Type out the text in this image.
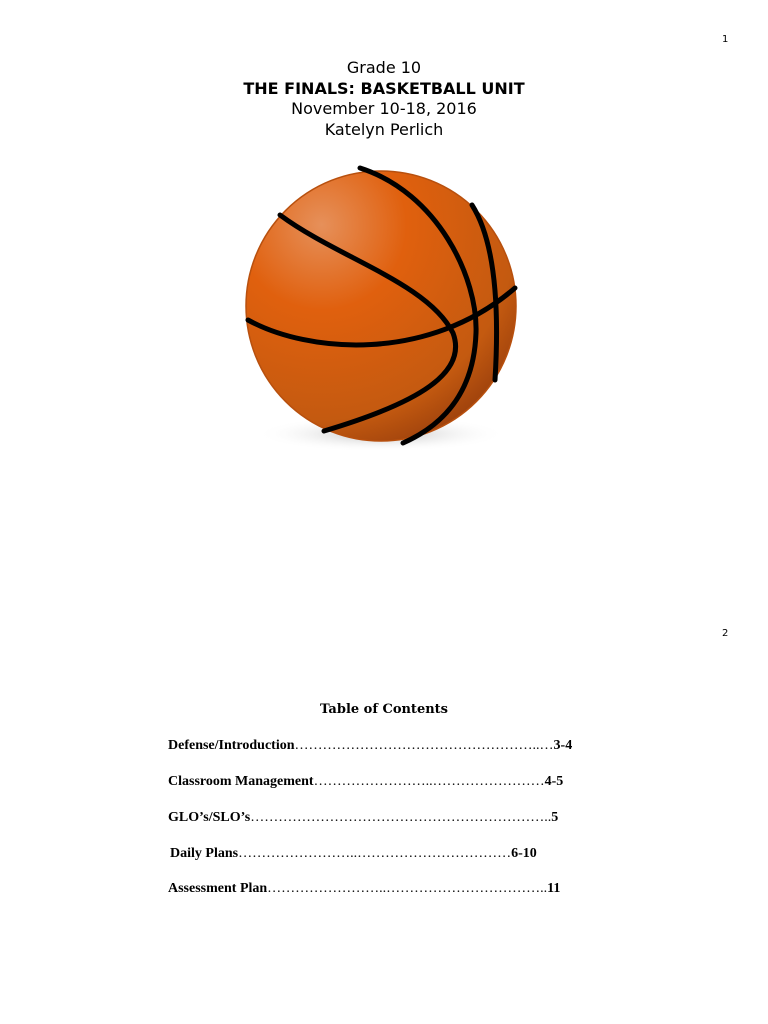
1
Grade 10
THE FINALS: BASKETBALL UNIT
November 10-18, 2016
Katelyn Perlich
2
Table of Contents
Defense/Introduction……………………………………………..…3-4
Classroom Management……………………..……………………4-5
GLO’s/SLO’s………………………………………………………..5
Daily Plans……………………..……………………………6-10
Assessment Plan……………………..……………………………..11
